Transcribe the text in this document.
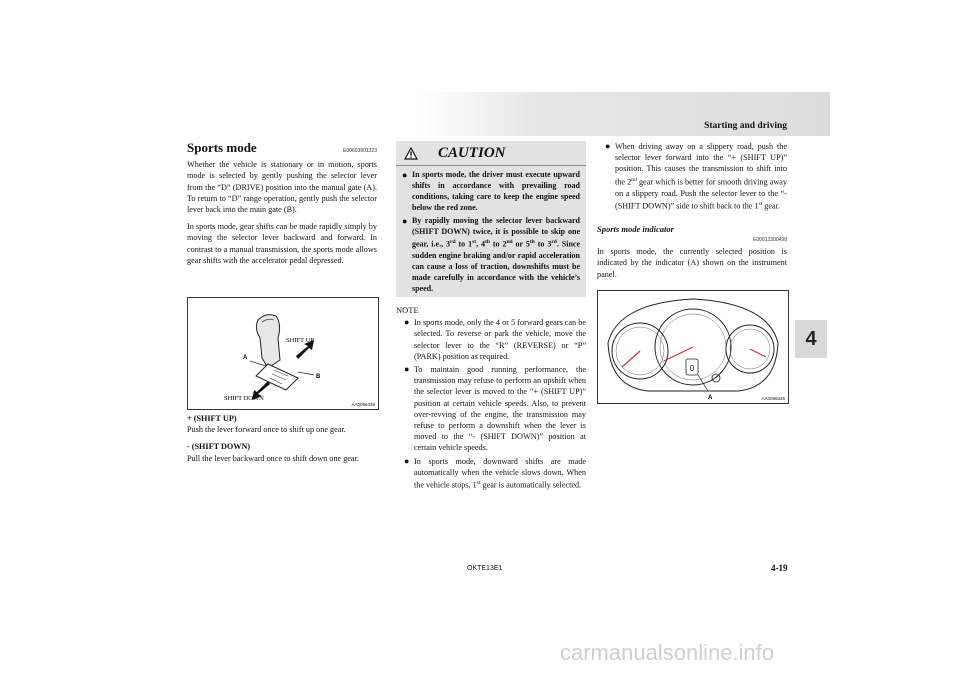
Starting and driving
4
Sports mode	E00603901323

Whether the vehicle is stationary or in motion, sports mode is selected by gently pushing the selector lever from the “D” (DRIVE) position into the manual gate (A). To return to “D” range operation, gently push the selector lever back into the main gate (B).

In sports mode, gear shifts can be made rapidly simply by moving the selector lever backward and forward. In contrast to a manual transmission, the sports mode allows gear shifts with the accelerator pedal depressed.

SHIFT UP
SHIFT DOWN
A
B
AA0096339
+ (SHIFT UP)

Push the lever forward once to shift up one gear.

- (SHIFT DOWN)

Pull the lever backward once to shift down one gear.

CAUTION
● In sports mode, the driver must execute upward shifts in accordance with prevailing road conditions, taking care to keep the engine speed below the red zone.
● By rapidly moving the selector lever backward (SHIFT DOWN) twice, it is possible to skip one gear, i.e., 3rd to 1st, 4th to 2nd or 5th to 3rd. Since sudden engine braking and/or rapid acceleration can cause a loss of traction, downshifts must be made carefully in accordance with the vehicle’s speed.
NOTE
● In sports mode, only the 4 or 5 forward gears can be selected. To reverse or park the vehicle, move the selector lever to the “R” (REVERSE) or “P” (PARK) position as required.
● To maintain good running performance, the transmission may refuse to perform an upshift when the selector lever is moved to the “+ (SHIFT UP)” position at certain vehicle speeds. Also, to prevent over-revving of the engine, the transmission may refuse to perform a downshift when the lever is moved to the “- (SHIFT DOWN)” position at certain vehicle speeds.
● In sports mode, downward shifts are made automatically when the vehicle slows down. When the vehicle stops, 1st gear is automatically selected.
● When driving away on a slippery road, push the selector lever forward into the “+ (SHIFT UP)” position. This causes the transmission to shift into the 2nd gear which is better for smooth driving away on a slippery road. Push the selector lever to the “- (SHIFT DOWN)” side to shift back to the 1st gear.
Sports mode indicator
E00612300498

In sports mode, the currently selected position is indicated by the indicator (A) shown on the instrument panel.

0
A	AA0096326
OKTE13E1	4-19
carmanualsonline.info
